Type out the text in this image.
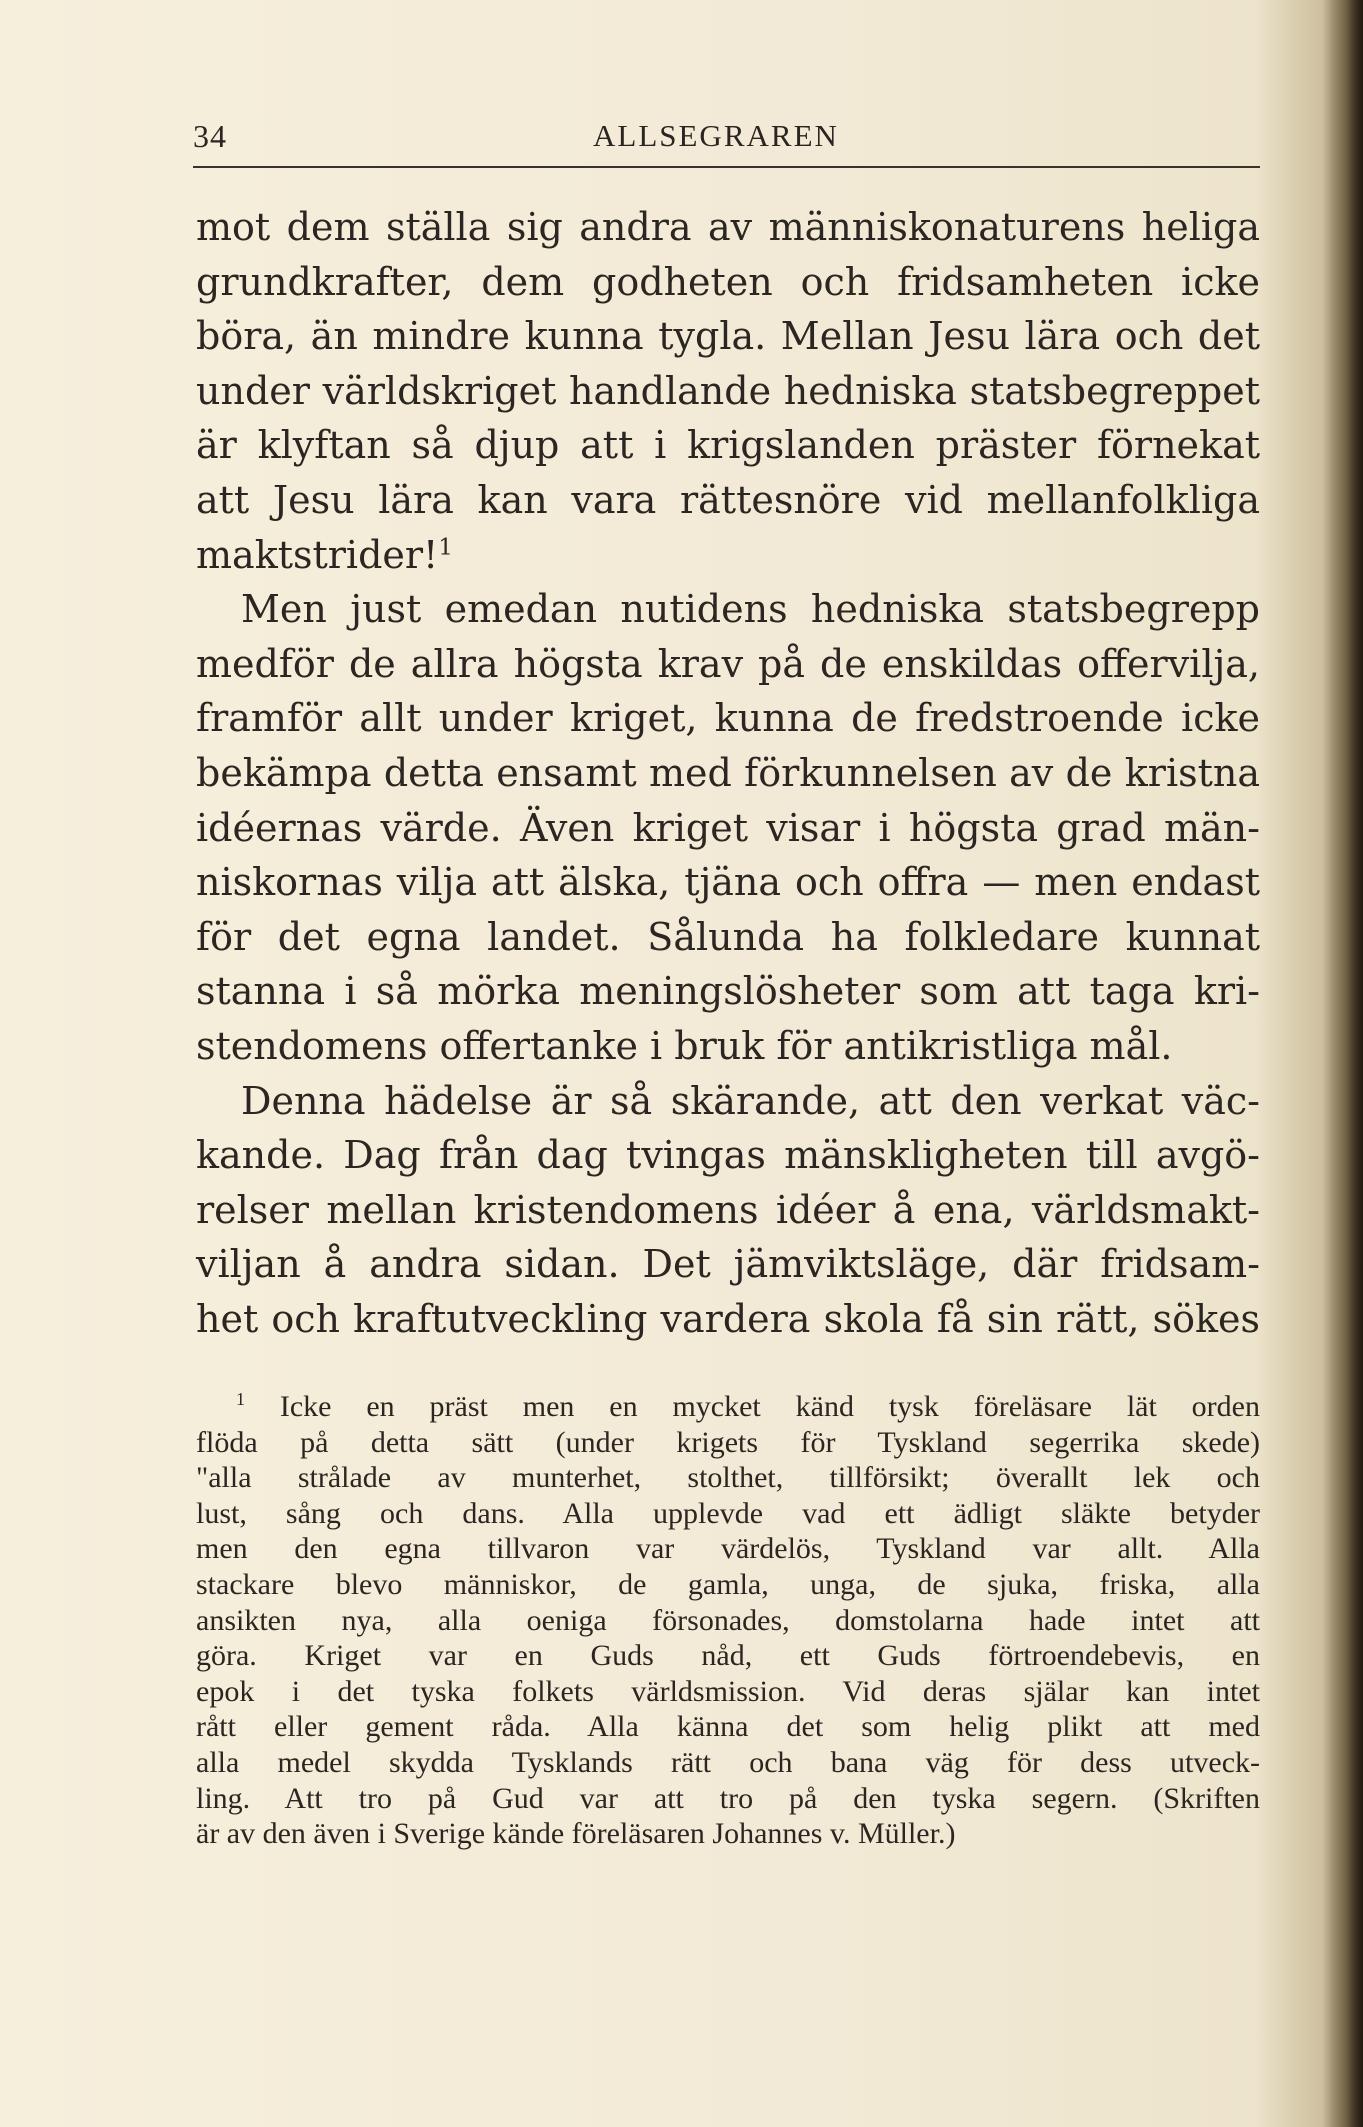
34	ALLSEGRAREN
mot dem ställa sig andra av människonaturens heliga
grundkrafter, dem godheten och fridsamheten icke
böra, än mindre kunna tygla. Mellan Jesu lära och det
under världskriget handlande hedniska statsbegreppet
är klyftan så djup att i krigslanden präster förnekat
att Jesu lära kan vara rättesnöre vid mellanfolkliga
maktstrider!$^1$
Men just emedan nutidens hedniska statsbegrepp
medför de allra högsta krav på de enskildas offervilja,
framför allt under kriget, kunna de fredstroende icke
bekämpa detta ensamt med förkunnelsen av de kristna
idéernas värde. Även kriget visar i högsta grad män-
niskornas vilja att älska, tjäna och offra — men endast
för det egna landet. Sålunda ha folkledare kunnat
stanna i så mörka meningslösheter som att taga kri-
stendomens offertanke i bruk för antikristliga mål.
Denna hädelse är så skärande, att den verkat väc-
kande. Dag från dag tvingas mänskligheten till avgö-
relser mellan kristendomens idéer å ena, världsmakt-
viljan å andra sidan. Det jämviktsläge, där fridsam-
het och kraftutveckling vardera skola få sin rätt, sökes
$^1$ Icke en präst men en mycket känd tysk föreläsare lät orden
flöda på detta sätt (under krigets för Tyskland segerrika skede)
"alla strålade av munterhet, stolthet, tillförsikt; överallt lek och
lust, sång och dans. Alla upplevde vad ett ädligt släkte betyder
men den egna tillvaron var värdelös, Tyskland var allt. Alla
stackare blevo människor, de gamla, unga, de sjuka, friska, alla
ansikten nya, alla oeniga försonades, domstolarna hade intet att
göra. Kriget var en Guds nåd, ett Guds förtroendebevis, en
epok i det tyska folkets världsmission. Vid deras själar kan intet
rått eller gement råda. Alla känna det som helig plikt att med
alla medel skydda Tysklands rätt och bana väg för dess utveck-
ling. Att tro på Gud var att tro på den tyska segern. (Skriften
är av den även i Sverige kände föreläsaren Johannes v. Müller.)
